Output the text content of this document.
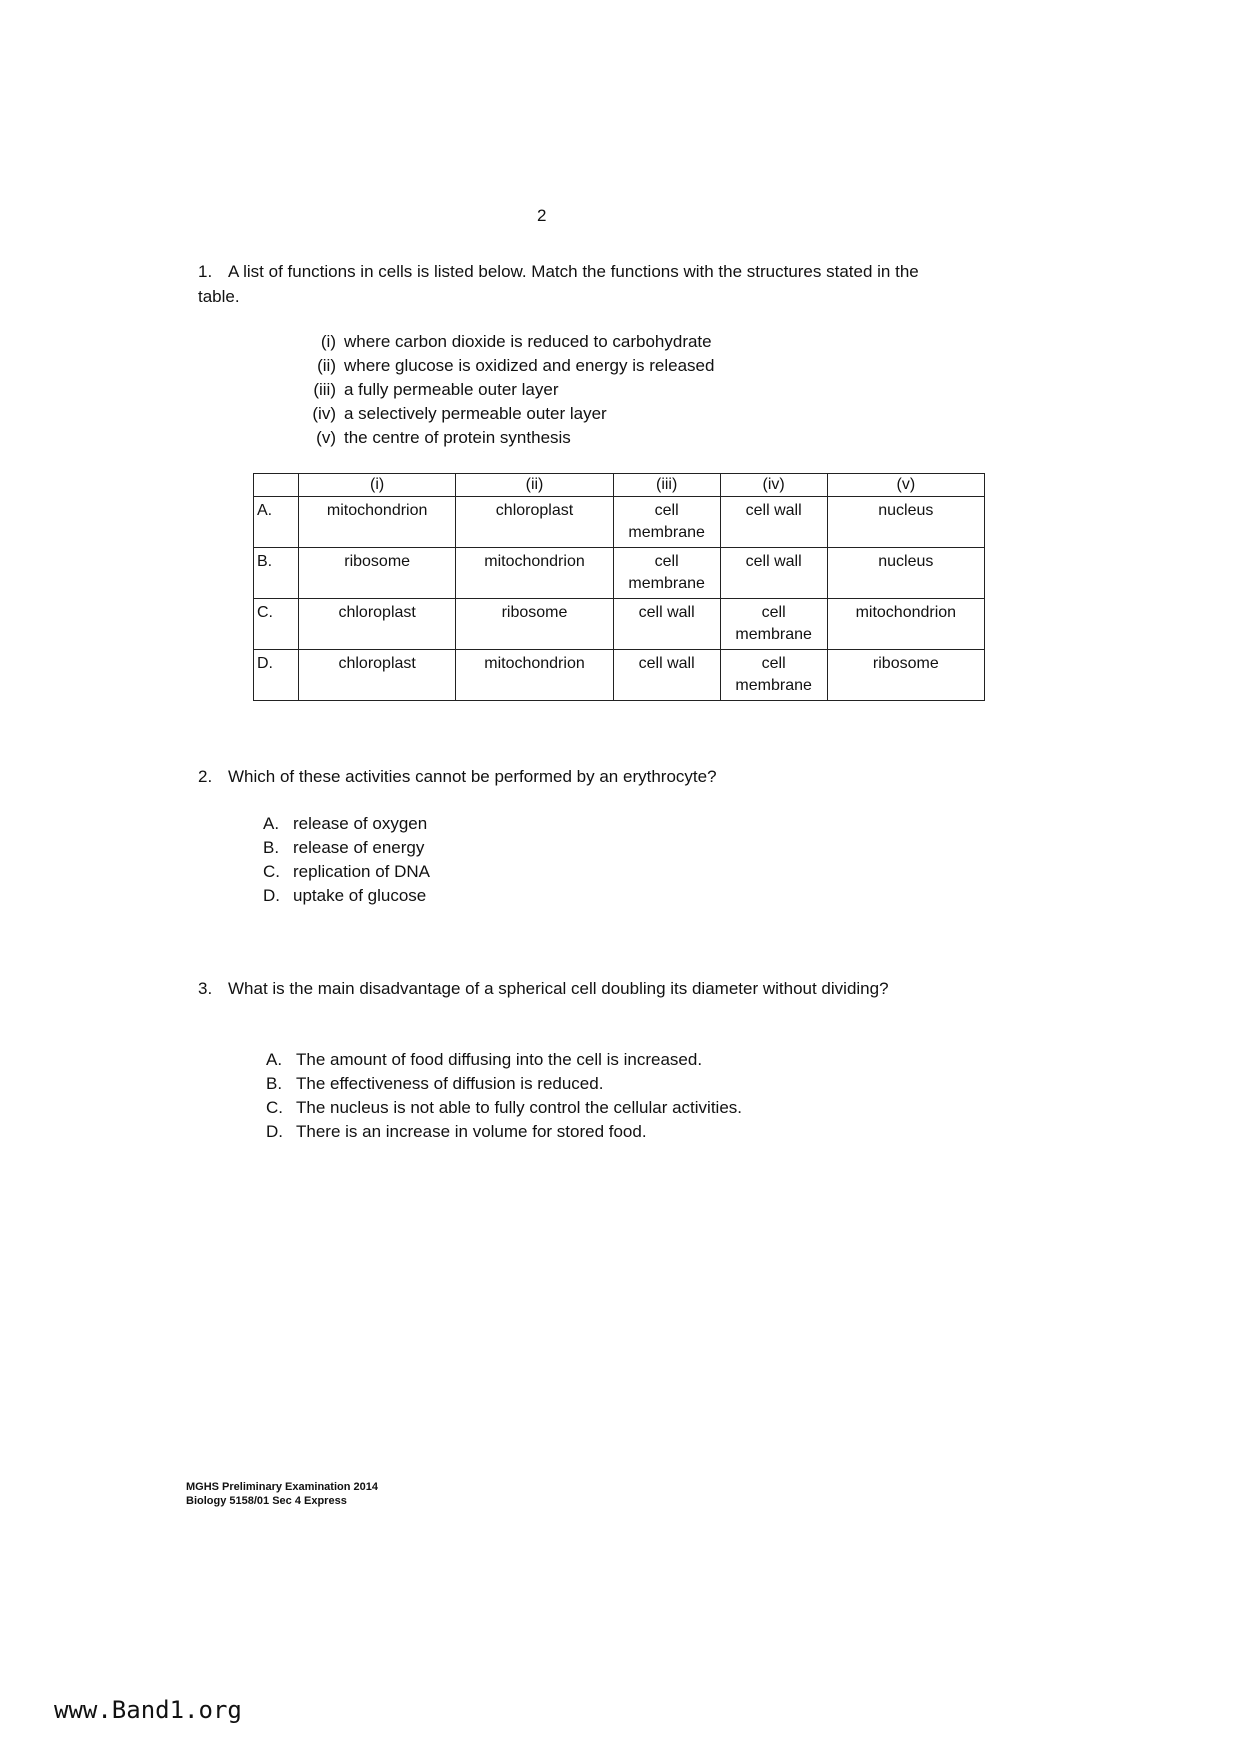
2
1. A list of functions in cells is listed below. Match the functions with the structures stated in the table.
(i) where carbon dioxide is reduced to carbohydrate
(ii) where glucose is oxidized and energy is released
(iii) a fully permeable outer layer
(iv) a selectively permeable outer layer
(v) the centre of protein synthesis
	(i)	(ii)	(iii)	(iv)	(v)
A.	mitochondrion	chloroplast	cell membrane	cell wall	nucleus
B.	ribosome	mitochondrion	cell membrane	cell wall	nucleus
C.	chloroplast	ribosome	cell wall	cell membrane	mitochondrion
D.	chloroplast	mitochondrion	cell wall	cell membrane	ribosome
2. Which of these activities cannot be performed by an erythrocyte?
A. release of oxygen
B. release of energy
C. replication of DNA
D. uptake of glucose
3. What is the main disadvantage of a spherical cell doubling its diameter without dividing?
A. The amount of food diffusing into the cell is increased.
B. The effectiveness of diffusion is reduced.
C. The nucleus is not able to fully control the cellular activities.
D. There is an increase in volume for stored food.
MGHS Preliminary Examination 2014
Biology 5158/01 Sec 4 Express
www.Band1.org
